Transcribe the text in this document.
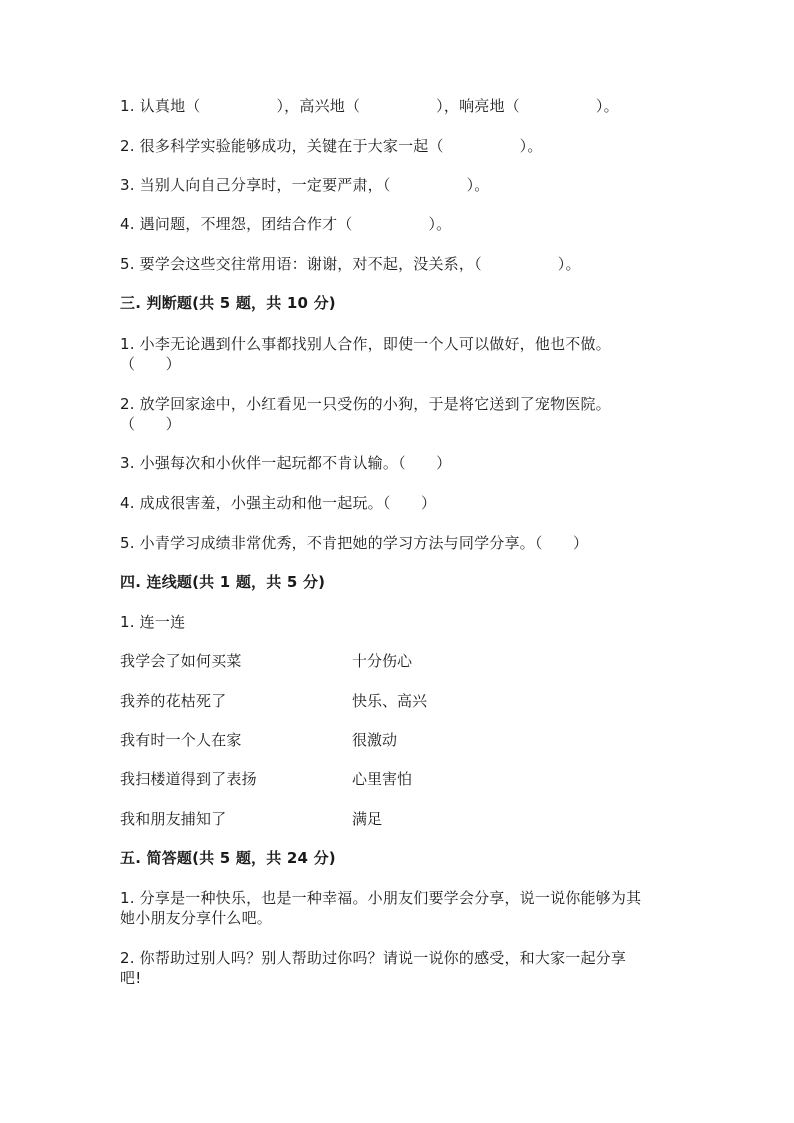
1. 认真地（　　　　　），高兴地（　　　　　），响亮地（　　　　　）。
2. 很多科学实验能够成功，关键在于大家一起（　　　　　）。
3. 当别人向自己分享时，一定要严肃，（　　　　　）。
4. 遇问题，不埋怨，团结合作才（　　　　　）。
5. 要学会这些交往常用语：谢谢，对不起，没关系，（　　　　　）。
三. 判断题(共 5 题，共 10 分)
1. 小李无论遇到什么事都找别人合作，即使一个人可以做好，他也不做。
（　　）
2. 放学回家途中，小红看见一只受伤的小狗，于是将它送到了宠物医院。
（　　）
3. 小强每次和小伙伴一起玩都不肯认输。（　　）
4. 成成很害羞，小强主动和他一起玩。（　　）
5. 小青学习成绩非常优秀，不肯把她的学习方法与同学分享。（　　）
四. 连线题(共 1 题，共 5 分)
1. 连一连
我学会了如何买菜	十分伤心
我养的花枯死了	快乐、高兴
我有时一个人在家	很激动
我扫楼道得到了表扬	心里害怕
我和朋友捕知了	满足
五. 简答题(共 5 题，共 24 分)
1. 分享是一种快乐，也是一种幸福。小朋友们要学会分享，说一说你能够为其
她小朋友分享什么吧。
2. 你帮助过别人吗？别人帮助过你吗？请说一说你的感受，和大家一起分享
吧!
